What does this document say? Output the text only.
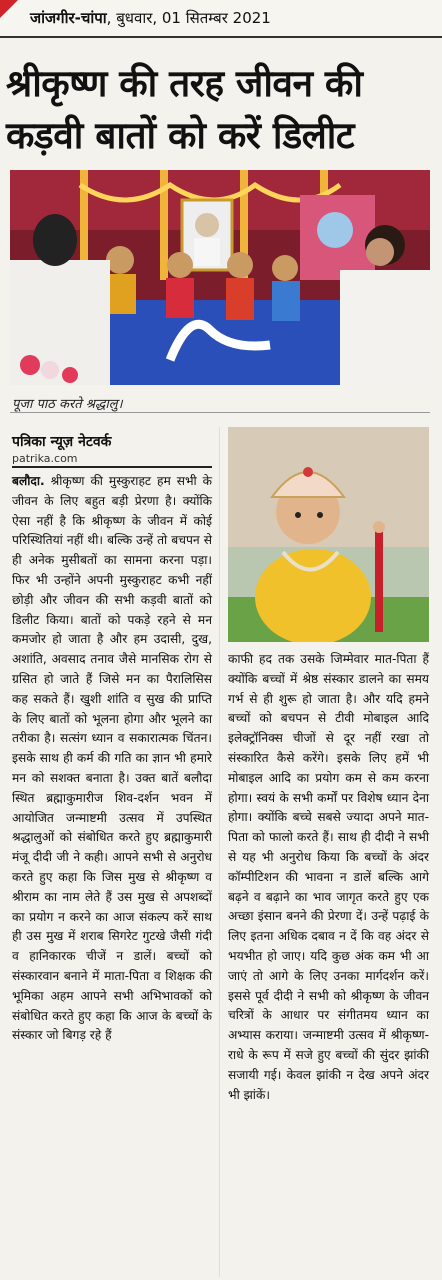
जांजगीर-चांपा, बुधवार, 01 सितम्बर 2021
श्रीकृष्ण की तरह जीवन की कड़वी बातों को करें डिलीट
पूजा पाठ करते श्रद्धालु।
पत्रिका न्यूज़ नेटवर्क
patrika.com
बलौदा. श्रीकृष्ण की मुस्कुराहट हम सभी के जीवन के लिए बहुत बड़ी प्रेरणा है। क्योंकि ऐसा नहीं है कि श्रीकृष्ण के जीवन में कोई परिस्थितियां नहीं थी। बल्कि उन्हें तो बचपन से ही अनेक मुसीबतों का सामना करना पड़ा। फिर भी उन्होंने अपनी मुस्कुराहट कभी नहीं छोड़ी और जीवन की सभी कड़वी बातों को डिलीट किया। बातों को पकड़े रहने से मन कमजोर हो जाता है और हम उदासी, दुख, अशांति, अवसाद तनाव जैसे मानसिक रोग से ग्रसित हो जाते हैं जिसे मन का पैरालिसिस कह सकते हैं। खुशी शांति व सुख की प्राप्ति के लिए बातों को भूलना होगा और भूलने का तरीका है। सत्संग ध्यान व सकारात्मक चिंतन। इसके साथ ही कर्म की गति का ज्ञान भी हमारे मन को सशक्त बनाता है। उक्त बातें बलौदा स्थित ब्रह्माकुमारीज शिव-दर्शन भवन में आयोजित जन्माष्टमी उत्सव में उपस्थित श्रद्धालुओं को संबोधित करते हुए ब्रह्माकुमारी मंजू दीदी जी ने कही। आपने सभी से अनुरोध करते हुए कहा कि जिस मुख से श्रीकृष्ण व श्रीराम का नाम लेते हैं उस मुख से अपशब्दों का प्रयोग न करने का आज संकल्प करें साथ ही उस मुख में शराब सिगरेट गुटखे जैसी गंदी व हानिकारक चीजें न डालें। बच्चों को संस्कारवान बनाने में माता-पिता व शिक्षक की भूमिका अहम आपने सभी अभिभावकों को संबोधित करते हुए कहा कि आज के बच्चों के संस्कार जो बिगड़ रहे हैं
काफी हद तक उसके जिम्मेवार मात-पिता हैं क्योंकि बच्चों में श्रेष्ठ संस्कार डालने का समय गर्भ से ही शुरू हो जाता है। और यदि हमने बच्चों को बचपन से टीवी मोबाइल आदि इलेक्ट्रॉनिक्स चीजों से दूर नहीं रखा तो संस्कारित कैसे करेंगे। इसके लिए हमें भी मोबाइल आदि का प्रयोग कम से कम करना होगा। स्वयं के सभी कर्मों पर विशेष ध्यान देना होगा। क्योंकि बच्चे सबसे ज्यादा अपने मात-पिता को फालो करते हैं। साथ ही दीदी ने सभी से यह भी अनुरोध किया कि बच्चों के अंदर कॉम्पीटिशन की भावना न डालें बल्कि आगे बढ़ने व बढ़ाने का भाव जागृत करते हुए एक अच्छा इंसान बनने की प्रेरणा दें। उन्हें पढ़ाई के लिए इतना अधिक दबाव न दें कि वह अंदर से भयभीत हो जाए। यदि कुछ अंक कम भी आ जाएं तो आगे के लिए उनका मार्गदर्शन करें। इससे पूर्व दीदी ने सभी को श्रीकृष्ण के जीवन चरित्रों के आधार पर संगीतमय ध्यान का अभ्यास कराया। जन्माष्टमी उत्सव में श्रीकृष्ण-राधे के रूप में सजे हुए बच्चों की सुंदर झांकी सजायी गई। केवल झांकी न देख अपने अंदर भी झांकें।
